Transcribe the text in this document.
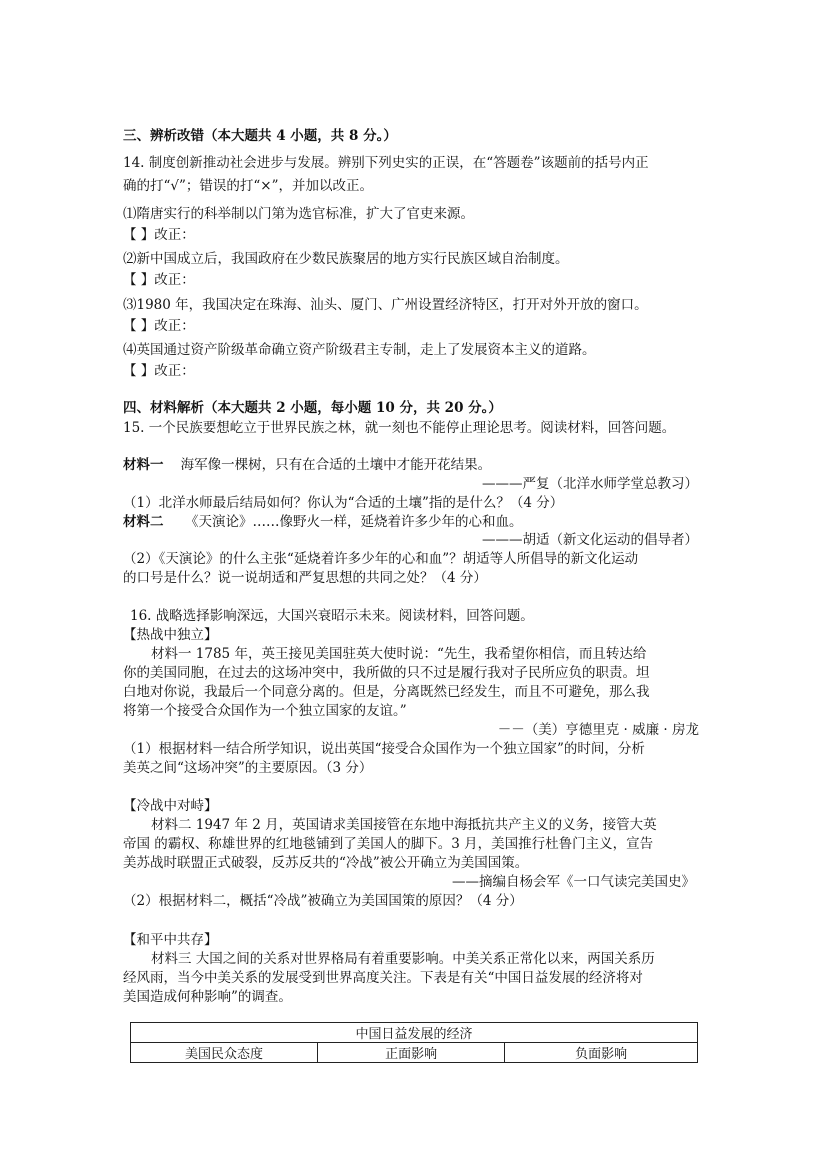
三、辨析改错（本大题共 4 小题，共 8 分。）
14. 制度创新推动社会进步与发展。辨别下列史实的正误，在“答题卷”该题前的括号内正
确的打“√”；错误的打“×”，并加以改正。
⑴隋唐实行的科举制以门第为选官标准，扩大了官吏来源。
【 】改正：
⑵新中国成立后，我国政府在少数民族聚居的地方实行民族区域自治制度。
【 】改正：
⑶1980 年，我国决定在珠海、汕头、厦门、广州设置经济特区，打开对外开放的窗口。
【 】改正：
⑷英国通过资产阶级革命确立资产阶级君主专制，走上了发展资本主义的道路。
【 】改正：
四、材料解析（本大题共 2 小题，每小题 10 分，共 20 分。）
15. 一个民族要想屹立于世界民族之林，就一刻也不能停止理论思考。阅读材料，回答问题。
材料一 海军像一棵树，只有在合适的土壤中才能开花结果。
———严复（北洋水师学堂总教习）
（1）北洋水师最后结局如何？你认为“合适的土壤”指的是什么？（4 分）
材料二 《天演论》……像野火一样，延烧着许多少年的心和血。
———胡适（新文化运动的倡导者）
（2）《天演论》的什么主张“延烧着许多少年的心和血”？胡适等人所倡导的新文化运动
的口号是什么？说一说胡适和严复思想的共同之处？（4 分）
16. 战略选择影响深远，大国兴衰昭示未来。阅读材料，回答问题。
【热战中独立】
材料一 1785 年，英王接见美国驻英大使时说：“先生，我希望你相信，而且转达给
你的美国同胞，在过去的这场冲突中，我所做的只不过是履行我对子民所应负的职责。坦
白地对你说，我最后一个同意分离的。但是，分离既然已经发生，而且不可避免，那么我
将第一个接受合众国作为一个独立国家的友谊。”
－－（美）亨德里克 · 威廉 · 房龙
（1）根据材料一结合所学知识，说出英国“接受合众国作为一个独立国家”的时间，分析
美英之间“这场冲突”的主要原因。（3 分）
【冷战中对峙】
材料二 1947 年 2 月，英国请求美国接管在东地中海抵抗共产主义的义务，接管大英
帝国 的霸权、称雄世界的红地毯铺到了美国人的脚下。3 月，美国推行杜鲁门主义，宣告
美苏战时联盟正式破裂，反苏反共的“冷战”被公开确立为美国国策。
——摘编自杨会军《一口气读完美国史》
（2）根据材料二，概括“冷战”被确立为美国国策的原因？（4 分）
【和平中共存】
材料三 大国之间的关系对世界格局有着重要影响。中美关系正常化以来，两国关系历
经风雨，当今中美关系的发展受到世界高度关注。下表是有关“中国日益发展的经济将对
美国造成何种影响”的调查。
中国日益发展的经济
美国民众态度	正面影响	负面影响
